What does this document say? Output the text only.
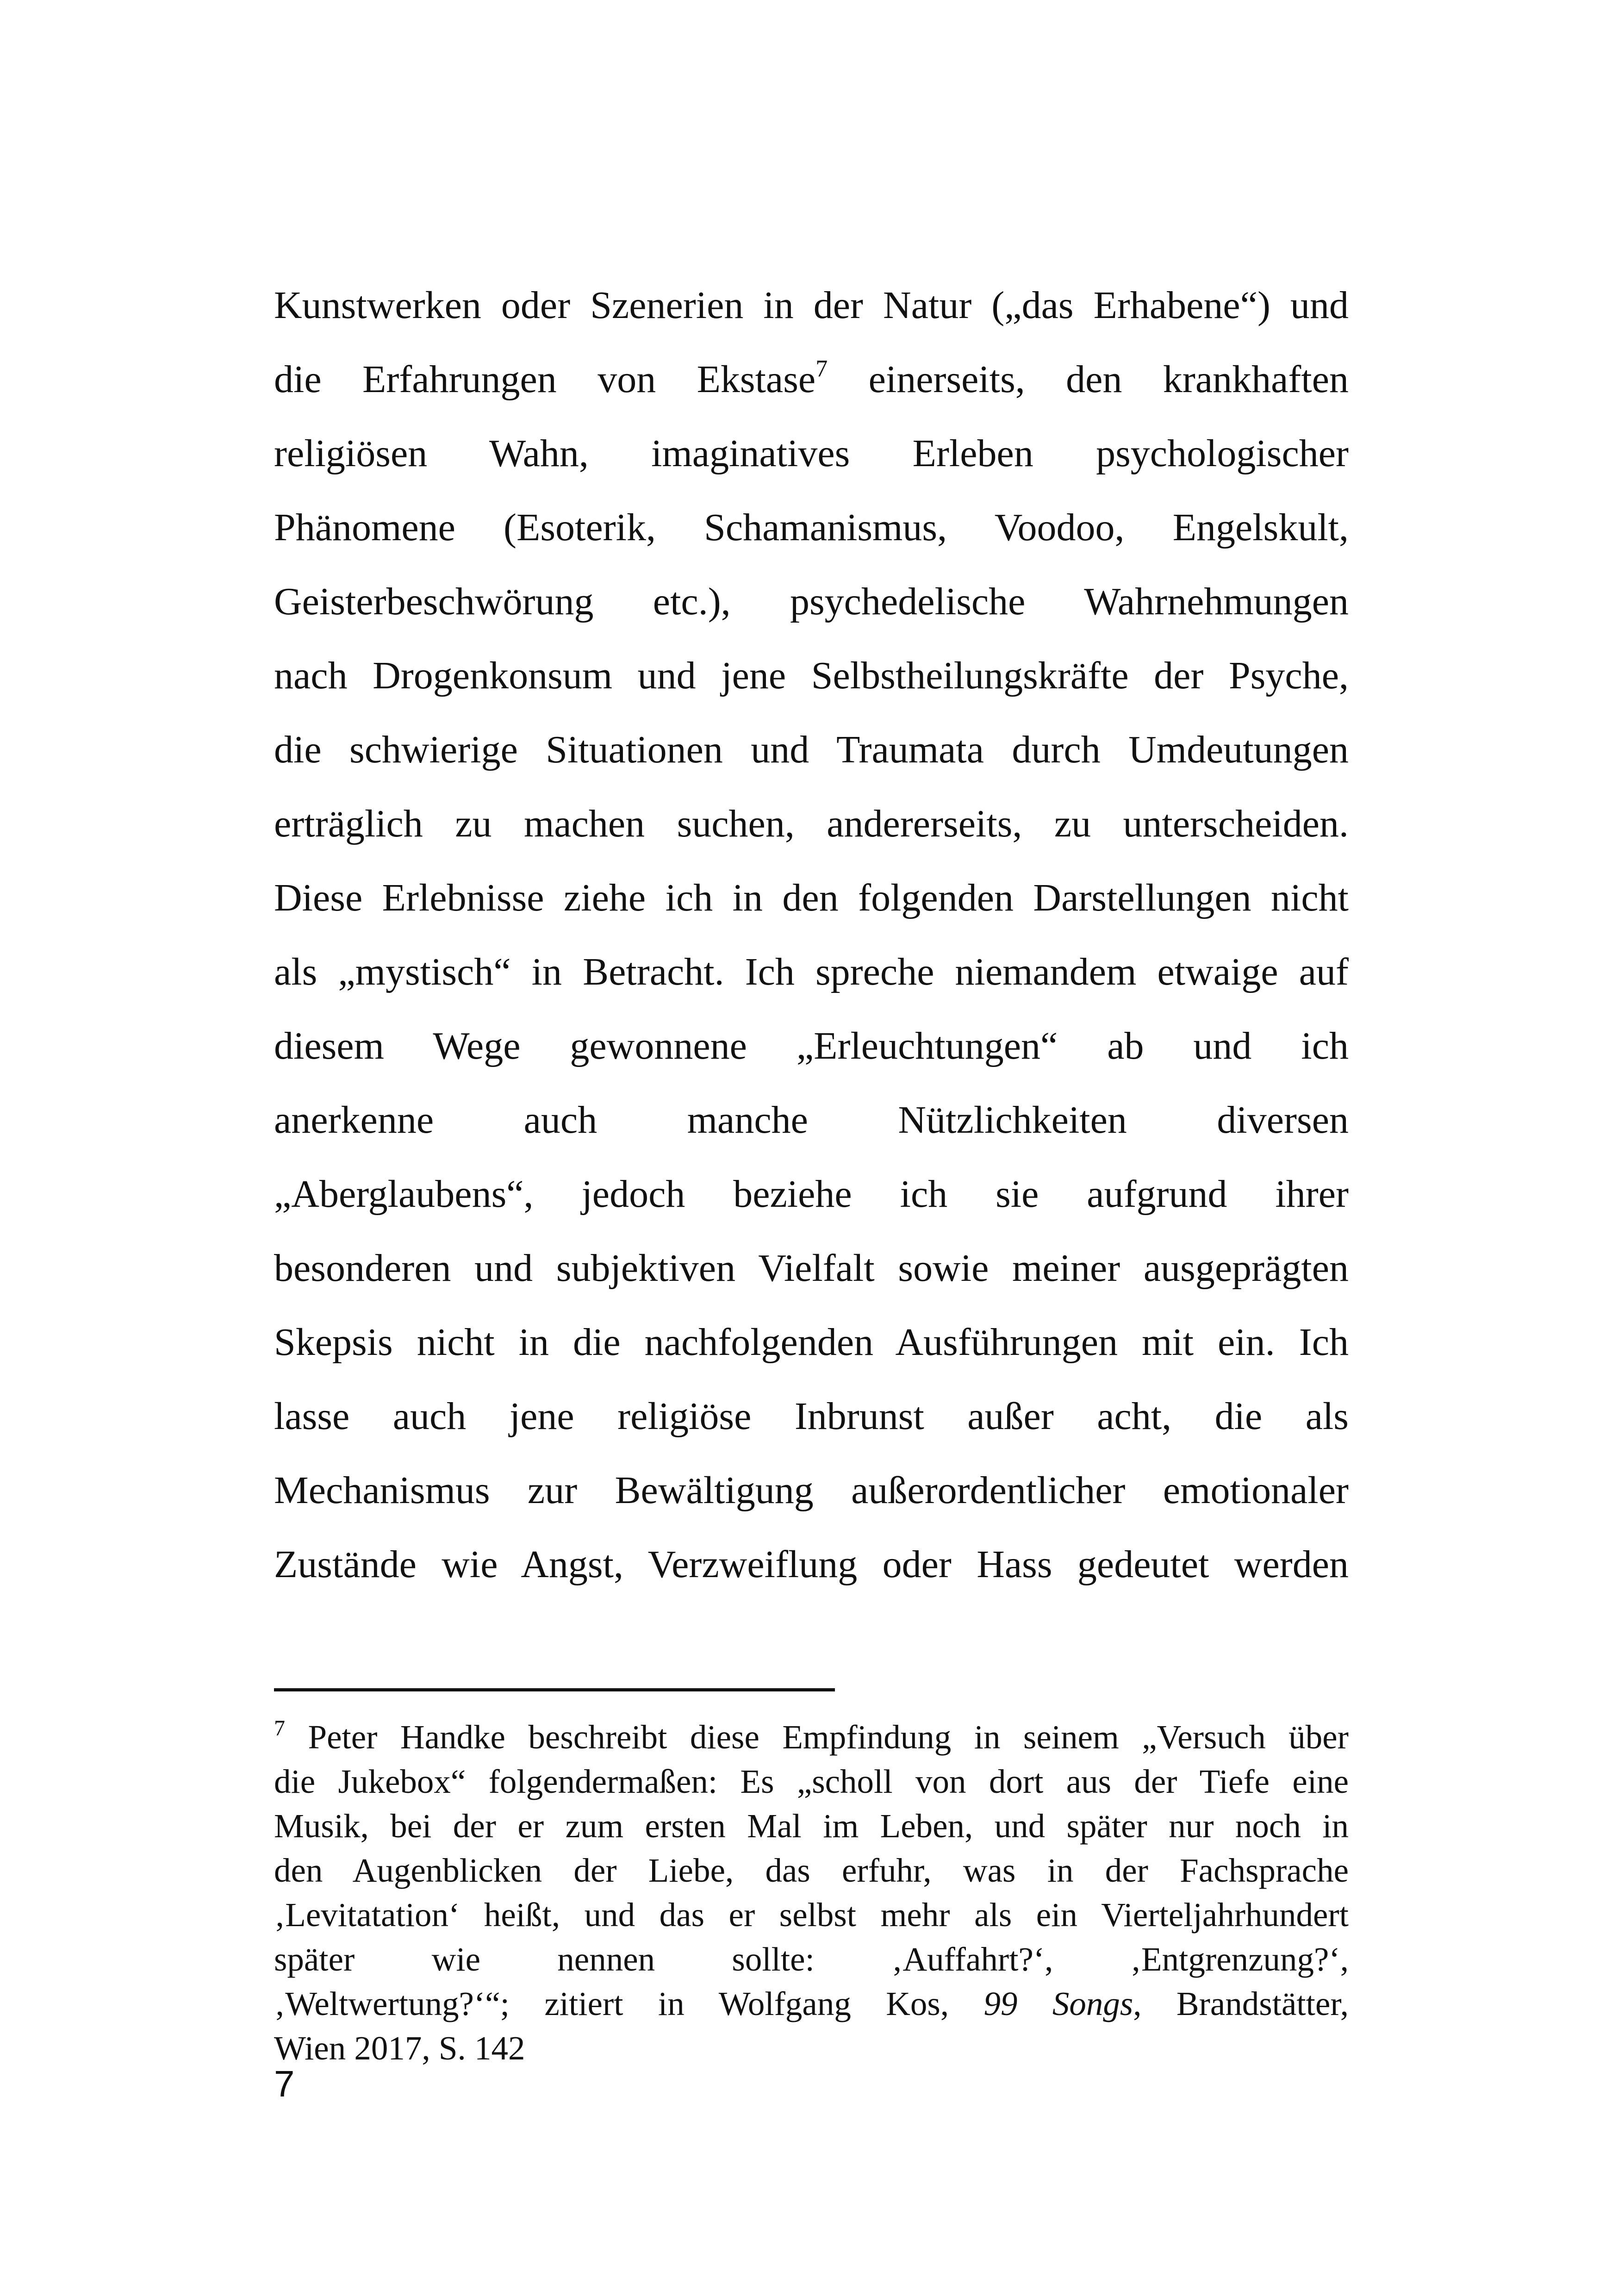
Kunstwerken oder Szenerien in der Natur („das Erhabene“) und
die Erfahrungen von Ekstase$^7$ einerseits, den krankhaften
religiösen Wahn, imaginatives Erleben psychologischer
Phänomene (Esoterik, Schamanismus, Voodoo, Engelskult,
Geisterbeschwörung etc.), psychedelische Wahrnehmungen
nach Drogenkonsum und jene Selbstheilungskräfte der Psyche,
die schwierige Situationen und Traumata durch Umdeutungen
erträglich zu machen suchen, andererseits, zu unterscheiden.
Diese Erlebnisse ziehe ich in den folgenden Darstellungen nicht
als „mystisch“ in Betracht. Ich spreche niemandem etwaige auf
diesem Wege gewonnene „Erleuchtungen“ ab und ich
anerkenne auch manche Nützlichkeiten diversen
„Aberglaubens“, jedoch beziehe ich sie aufgrund ihrer
besonderen und subjektiven Vielfalt sowie meiner ausgeprägten
Skepsis nicht in die nachfolgenden Ausführungen mit ein. Ich
lasse auch jene religiöse Inbrunst außer acht, die als
Mechanismus zur Bewältigung außerordentlicher emotionaler
Zustände wie Angst, Verzweiflung oder Hass gedeutet werden
$^7$ Peter Handke beschreibt diese Empfindung in seinem „Versuch über
die Jukebox“ folgendermaßen: Es „scholl von dort aus der Tiefe eine
Musik, bei der er zum ersten Mal im Leben, und später nur noch in
den Augenblicken der Liebe, das erfuhr, was in der Fachsprache
‚Levitatation‘ heißt, und das er selbst mehr als ein Vierteljahrhundert
später wie nennen sollte: ‚Auffahrt?‘, ‚Entgrenzung?‘,
‚Weltwertung?‘“; zitiert in Wolfgang Kos, 99 Songs, Brandstätter,
Wien 2017, S. 142
7
